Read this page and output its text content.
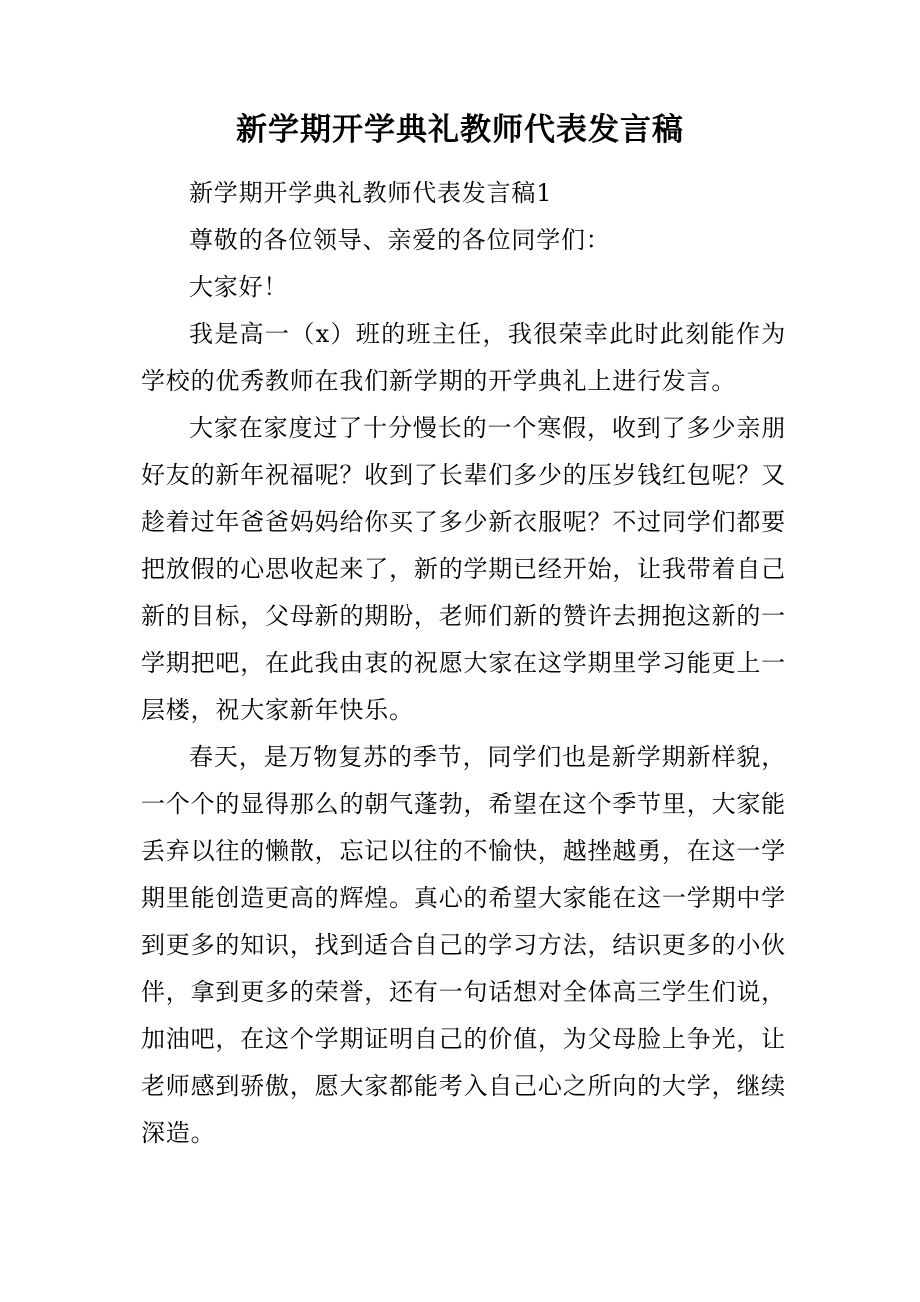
新学期开学典礼教师代表发言稿

新学期开学典礼教师代表发言稿1

尊敬的各位领导、亲爱的各位同学们：

大家好！

我是高一（x）班的班主任，我很荣幸此时此刻能作为学校的优秀教师在我们新学期的开学典礼上进行发言。

大家在家度过了十分慢长的一个寒假，收到了多少亲朋好友的新年祝福呢？收到了长辈们多少的压岁钱红包呢？又趁着过年爸爸妈妈给你买了多少新衣服呢？不过同学们都要把放假的心思收起来了，新的学期已经开始，让我带着自己新的目标，父母新的期盼，老师们新的赞许去拥抱这新的一学期把吧，在此我由衷的祝愿大家在这学期里学习能更上一层楼，祝大家新年快乐。

春天，是万物复苏的季节，同学们也是新学期新样貌，一个个的显得那么的朝气蓬勃，希望在这个季节里，大家能丢弃以往的懒散，忘记以往的不愉快，越挫越勇，在这一学期里能创造更高的辉煌。真心的希望大家能在这一学期中学到更多的知识，找到适合自己的学习方法，结识更多的小伙伴，拿到更多的荣誉，还有一句话想对全体高三学生们说，加油吧，在这个学期证明自己的价值，为父母脸上争光，让老师感到骄傲，愿大家都能考入自己心之所向的大学，继续深造。
